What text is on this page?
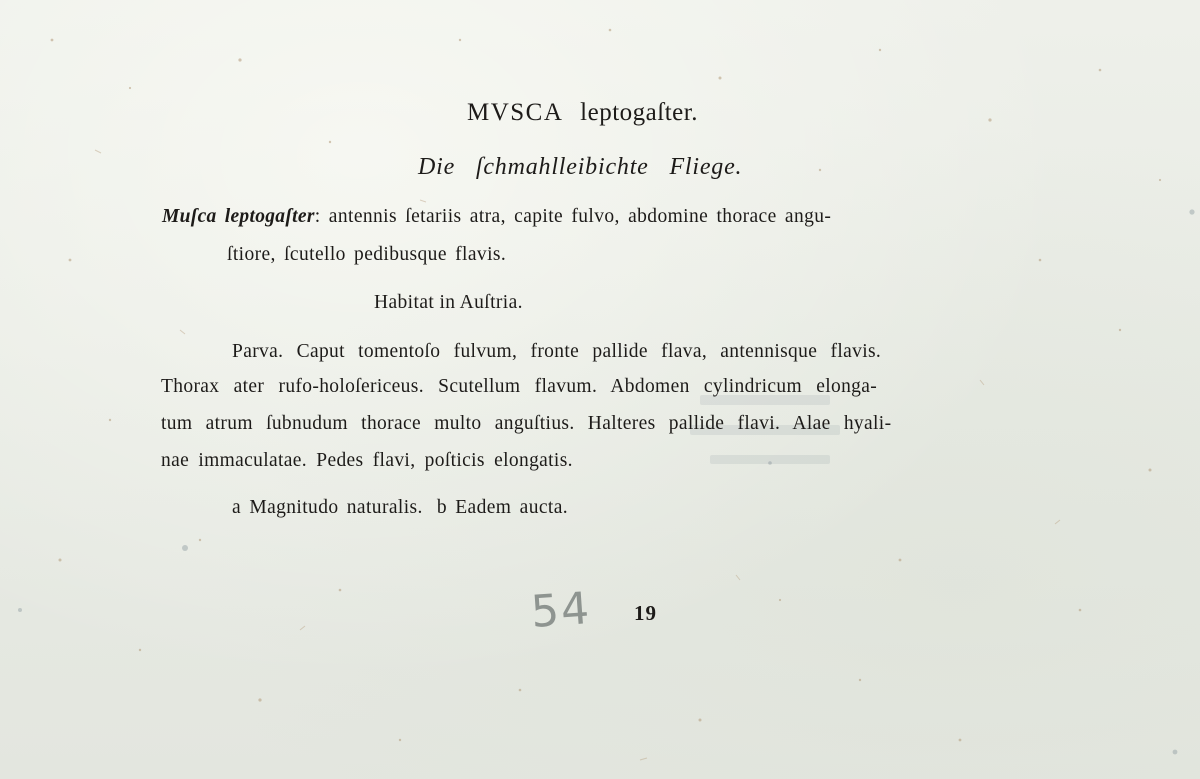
MVSCA leptogaſter.
Die ſchmahlleibichte Fliege.
Muſca leptogaſter: antennis ſetariis atra, capite fulvo, abdomine thorace angu-
ſtiore, ſcutello pedibusque flavis.
Habitat in Auſtria.
Parva. Caput tomentoſo fulvum, fronte pallide flava, antennisque flavis.
Thorax ater rufo-holoſericeus. Scutellum flavum. Abdomen cylindricum elonga-
tum atrum ſubnudum thorace multo anguſtius. Halteres pallide flavi. Alae hyali-
nae immaculatae. Pedes flavi, poſticis elongatis.
a Magnitudo naturalis. b Eadem aucta.
54 19
